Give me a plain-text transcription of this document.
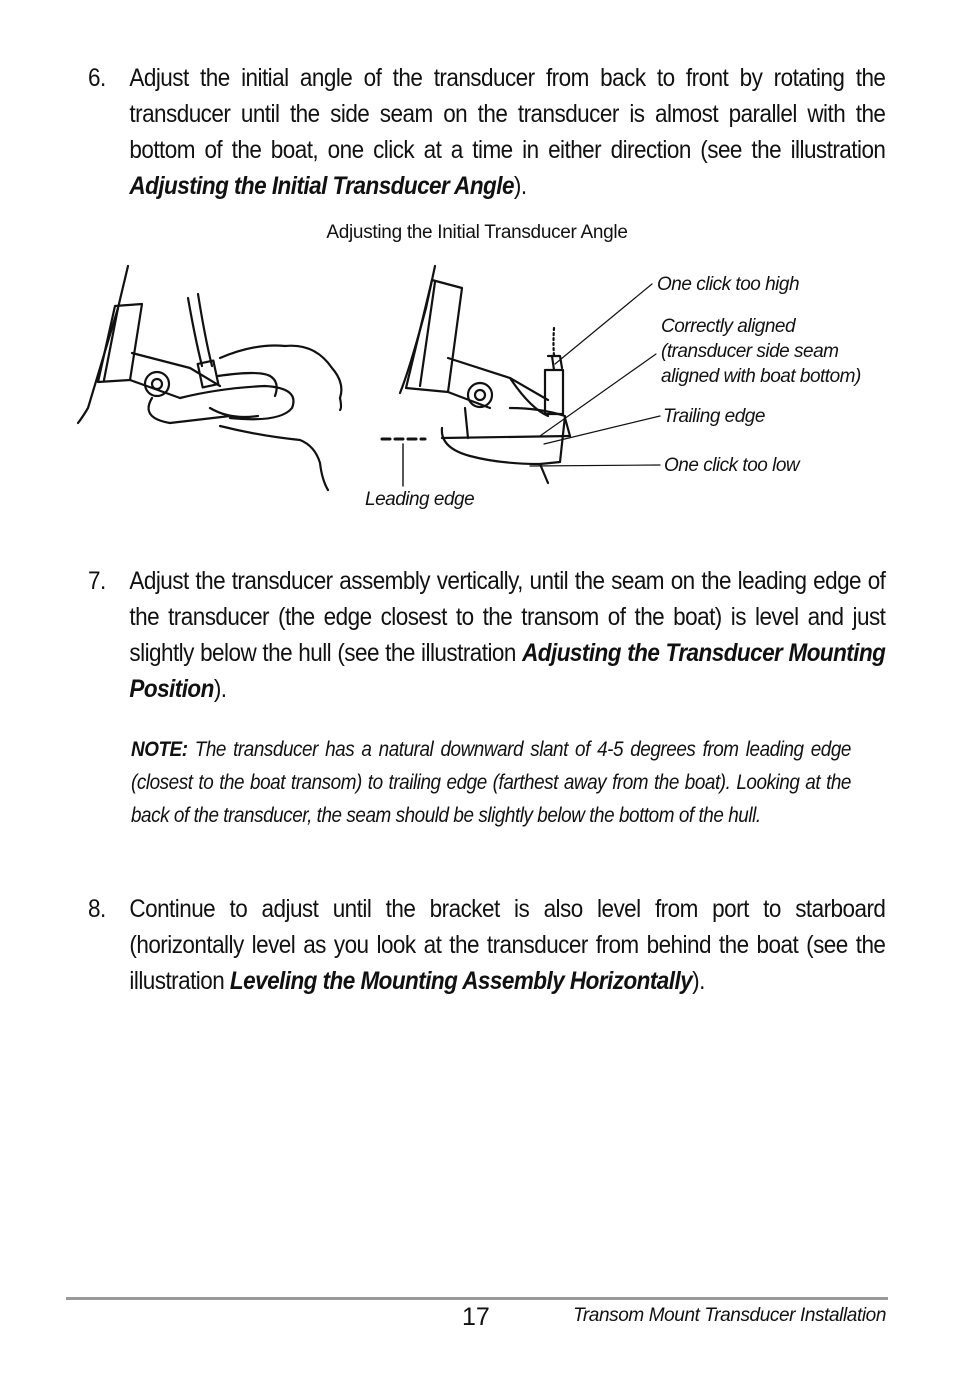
6. Adjust the initial angle of the transducer from back to front by rotating the transducer until the side seam on the transducer is almost parallel with the bottom of the boat, one click at a time in either direction (see the illustration Adjusting the Initial Transducer Angle).
Adjusting the Initial Transducer Angle
One click too high
Correctly aligned
(transducer side seam
aligned with boat bottom)
Trailing edge
One click too low
Leading edge
7. Adjust the transducer assembly vertically, until the seam on the leading edge of the transducer (the edge closest to the transom of the boat) is level and just slightly below the hull (see the illustration Adjusting the Transducer Mounting Position).
NOTE: The transducer has a natural downward slant of 4-5 degrees from leading edge (closest to the boat transom) to trailing edge (farthest away from the boat). Looking at the back of the transducer, the seam should be slightly below the bottom of the hull.
8. Continue to adjust until the bracket is also level from port to starboard (horizontally level as you look at the transducer from behind the boat (see the illustration Leveling the Mounting Assembly Horizontally).
17	Transom Mount Transducer Installation
